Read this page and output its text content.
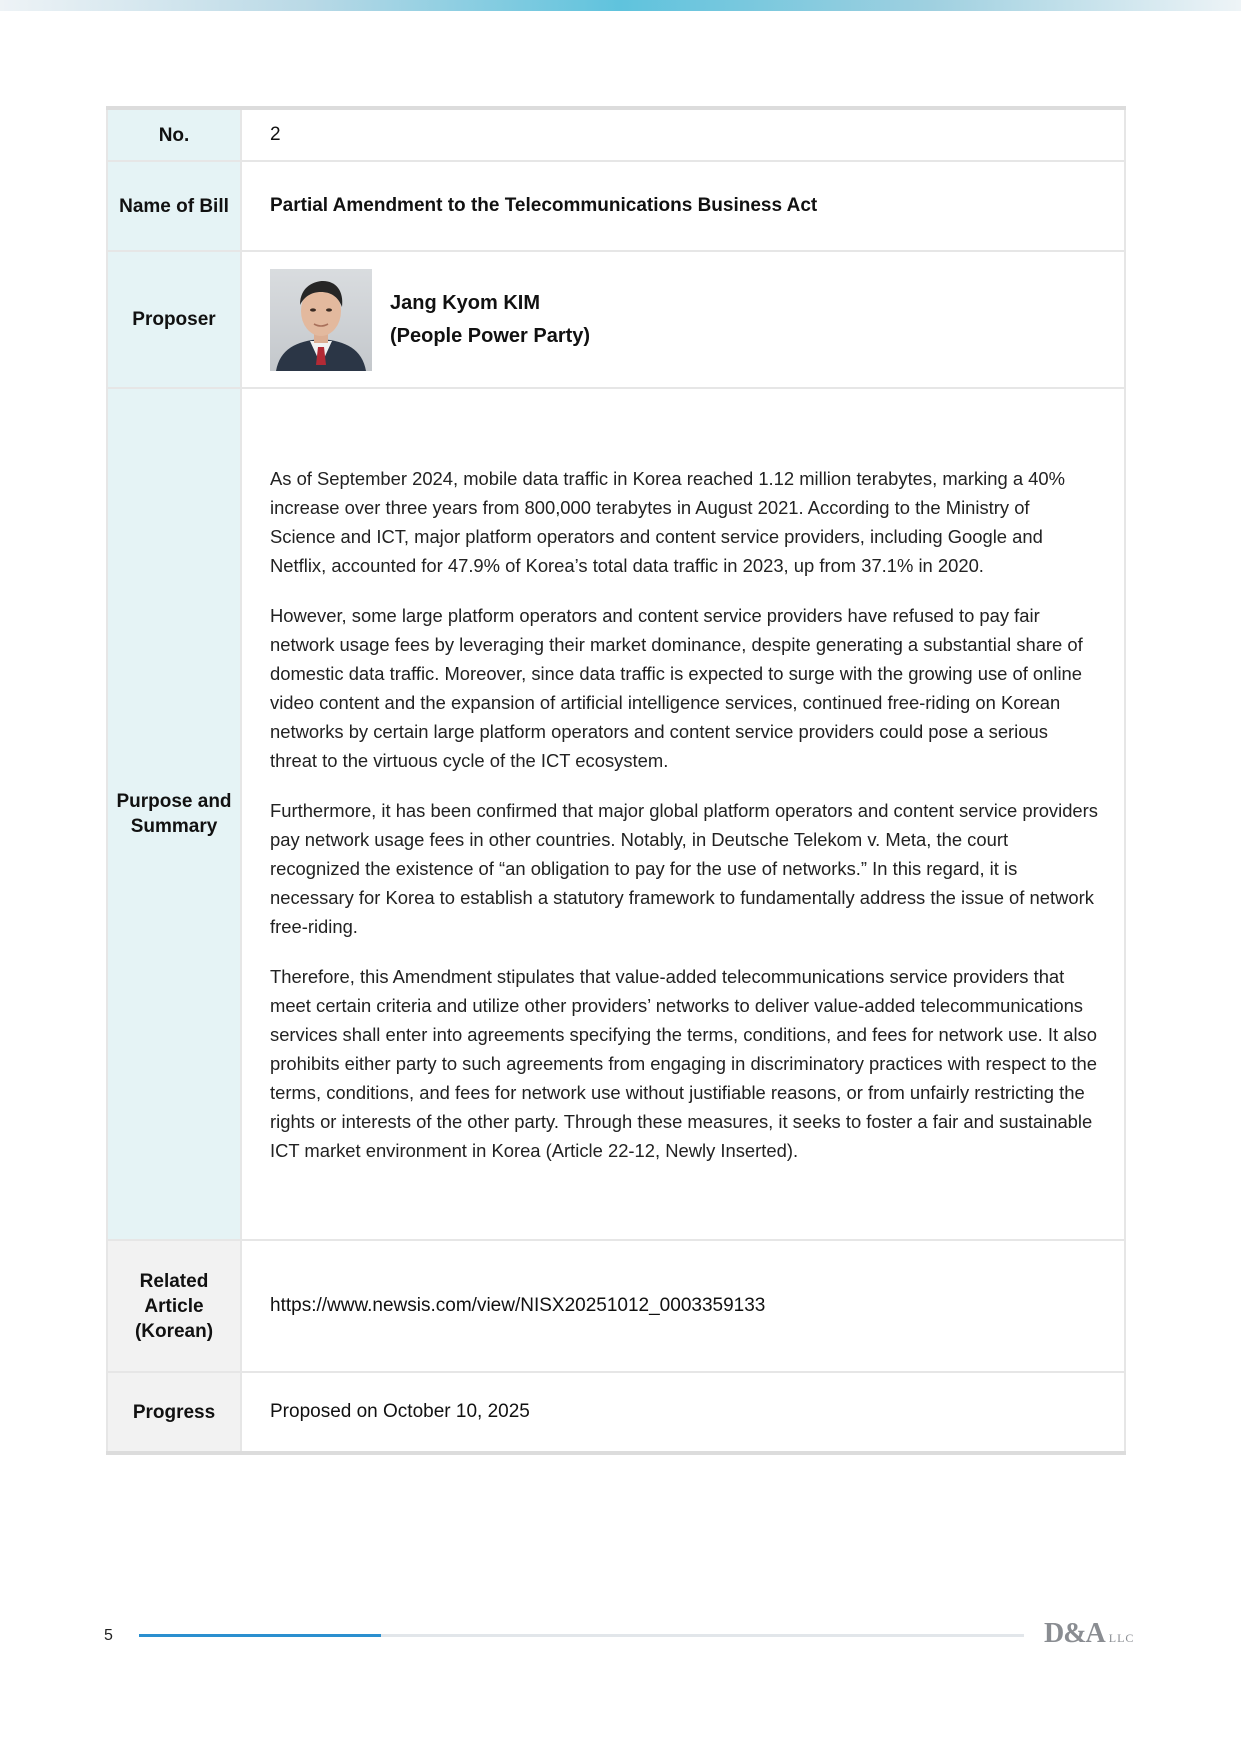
No.	2
Name of Bill	Partial Amendment to the Telecommunications Business Act
Proposer	Jang Kyom KIM
(People Power Party)

Purpose and Summary	As of September 2024, mobile data traffic in Korea reached 1.12 million terabytes, marking a 40% increase over three years from 800,000 terabytes in August 2021. According to the Ministry of Science and ICT, major platform operators and content service providers, including Google and Netflix, accounted for 47.9% of Korea’s total data traffic in 2023, up from 37.1% in 2020.

However, some large platform operators and content service providers have refused to pay fair network usage fees by leveraging their market dominance, despite generating a substantial share of domestic data traffic. Moreover, since data traffic is expected to surge with the growing use of online video content and the expansion of artificial intelligence services, continued free-riding on Korean networks by certain large platform operators and content service providers could pose a serious threat to the virtuous cycle of the ICT ecosystem.

Furthermore, it has been confirmed that major global platform operators and content service providers pay network usage fees in other countries. Notably, in Deutsche Telekom v. Meta, the court recognized the existence of “an obligation to pay for the use of networks.” In this regard, it is necessary for Korea to establish a statutory framework to fundamentally address the issue of network free-riding.

Therefore, this Amendment stipulates that value-added telecommunications service providers that meet certain criteria and utilize other providers’ networks to deliver value-added telecommunications services shall enter into agreements specifying the terms, conditions, and fees for network use. It also prohibits either party to such agreements from engaging in discriminatory practices with respect to the terms, conditions, and fees for network use without justifiable reasons, or from unfairly restricting the rights or interests of the other party. Through these measures, it seeks to foster a fair and sustainable ICT market environment in Korea (Article 22-12, Newly Inserted).

Related Article (Korean)	https://www.newsis.com/view/NISX20251012_0003359133
Progress	Proposed on October 10, 2025
5	D&A LLC
